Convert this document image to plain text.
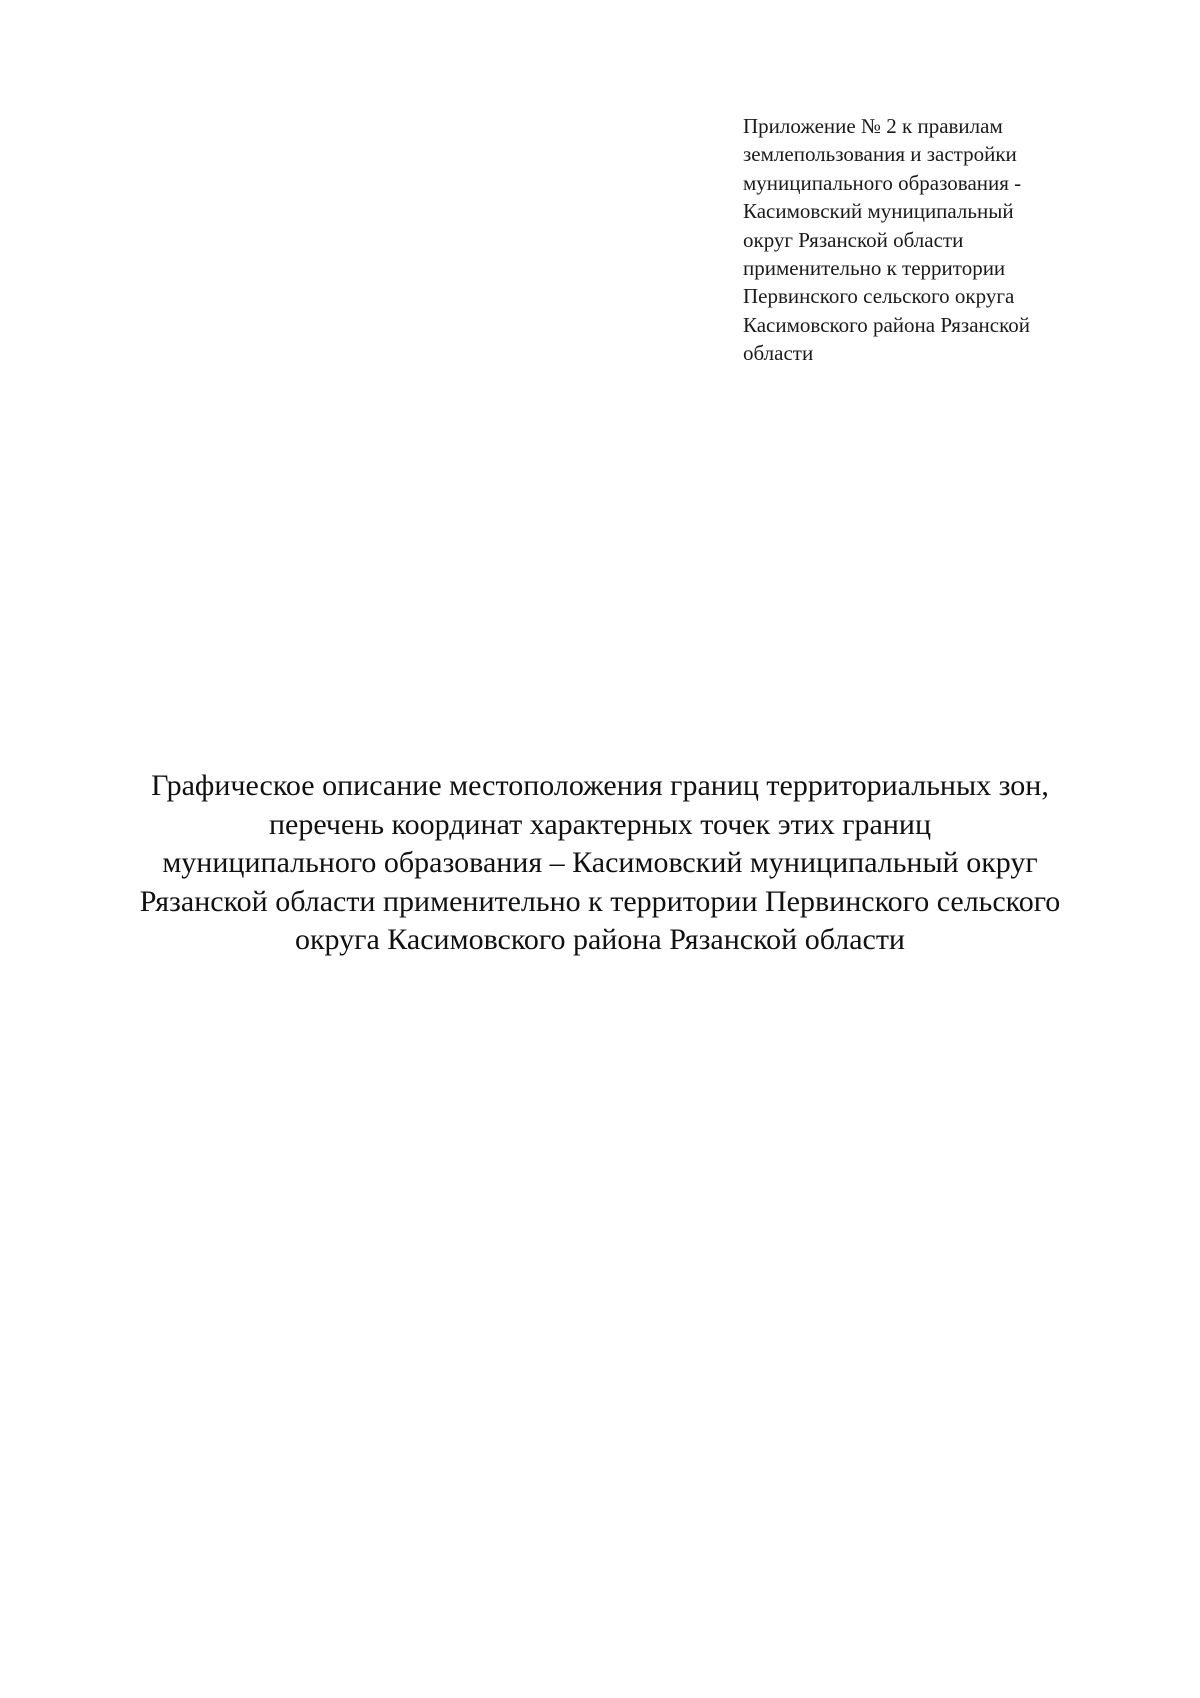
Приложение № 2 к правилам
землепользования и застройки
муниципального образования -
Касимовский муниципальный
округ Рязанской области
применительно к территории
Первинского сельского округа
Касимовского района Рязанской
области
Графическое описание местоположения границ территориальных зон,
перечень координат характерных точек этих границ
муниципального образования – Касимовский муниципальный округ
Рязанской области применительно к территории Первинского сельского
округа Касимовского района Рязанской области
